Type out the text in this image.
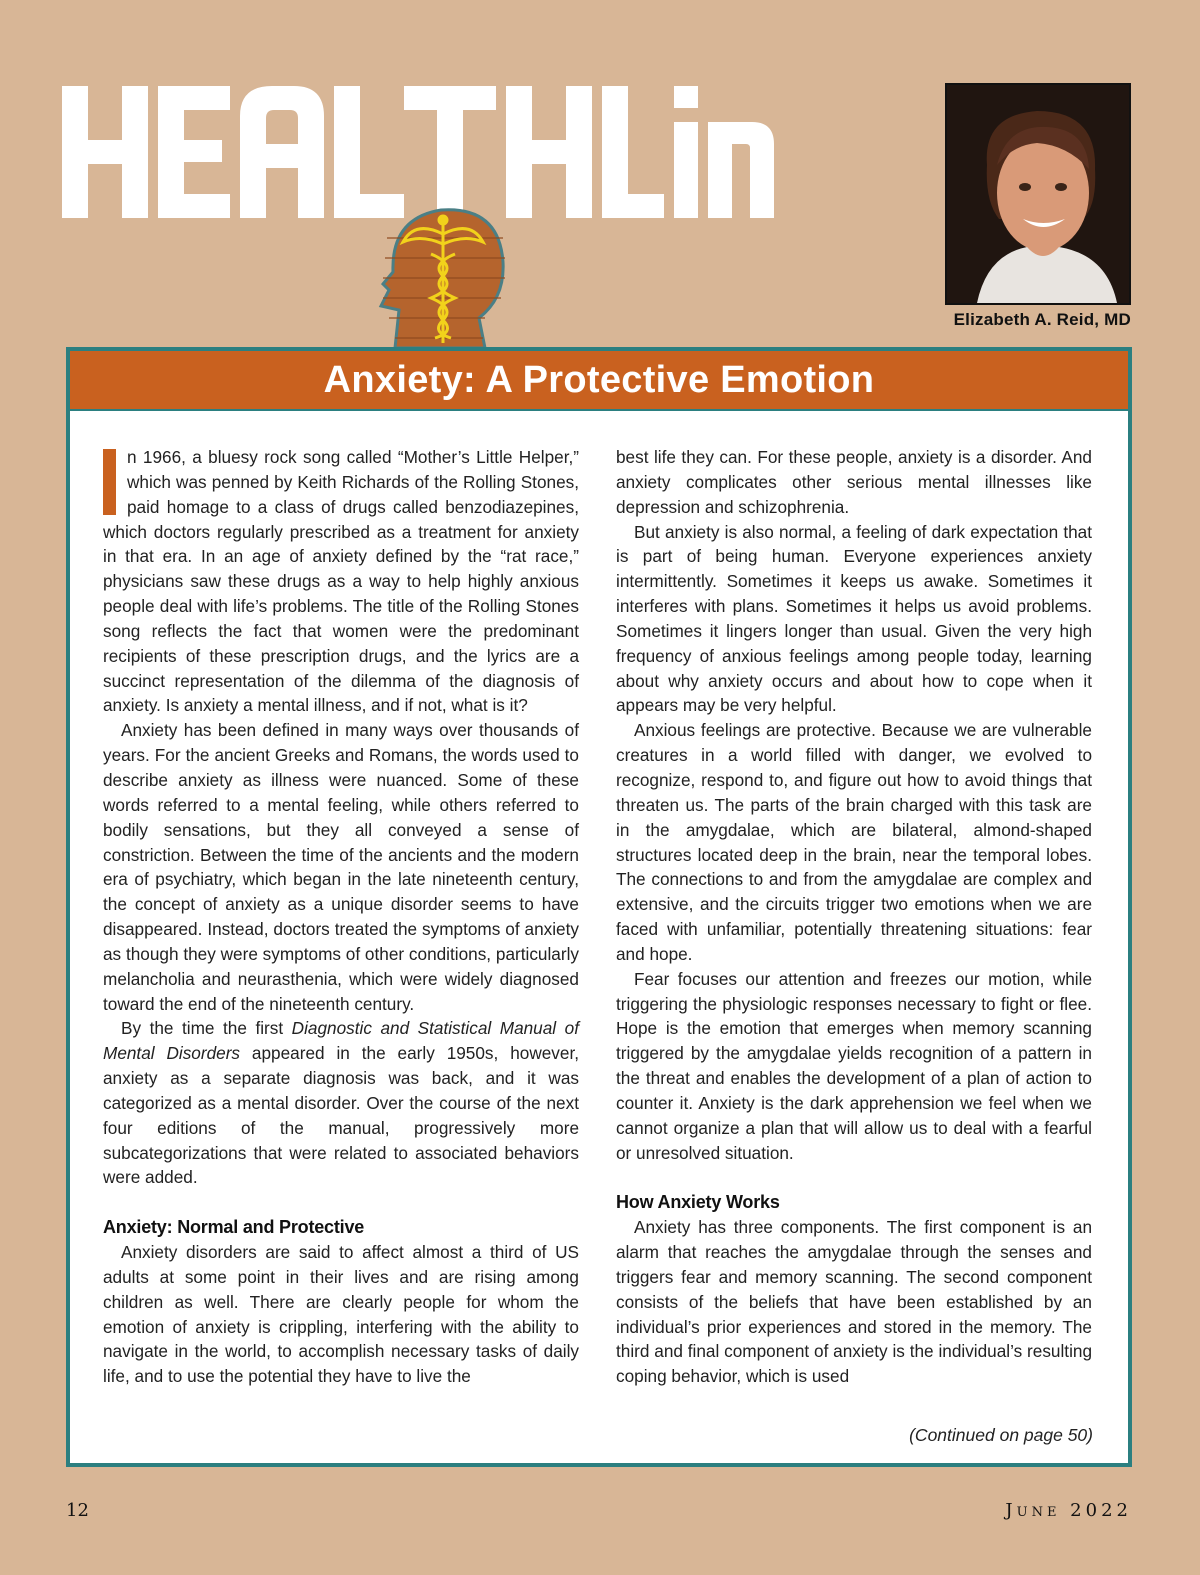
Elizabeth A. Reid, MD
Anxiety: A Protective Emotion

n 1966, a bluesy rock song called “Mother’s Little Helper,” which was penned by Keith Richards of the Rolling Stones, paid homage to a class of drugs called benzodiazepines, which doctors regularly prescribed as a treatment for anxiety in that era. In an age of anxiety defined by the “rat race,” physicians saw these drugs as a way to help highly anxious people deal with life’s problems. The title of the Rolling Stones song reflects the fact that women were the predominant recipients of these prescription drugs, and the lyrics are a succinct representation of the dilemma of the diagnosis of anxiety. Is anxiety a mental illness, and if not, what is it?

Anxiety has been defined in many ways over thousands of years. For the ancient Greeks and Romans, the words used to describe anxiety as illness were nuanced. Some of these words referred to a mental feeling, while others referred to bodily sensations, but they all conveyed a sense of constriction. Between the time of the ancients and the modern era of psychiatry, which began in the late nineteenth century, the concept of anxiety as a unique disorder seems to have disappeared. Instead, doctors treated the symptoms of anxiety as though they were symptoms of other conditions, particularly melancholia and neurasthenia, which were widely diagnosed toward the end of the nineteenth century.

By the time the first Diagnostic and Statistical Manual of Mental Disorders appeared in the early 1950s, however, anxiety as a separate diagnosis was back, and it was categorized as a mental disorder. Over the course of the next four editions of the manual, progressively more subcategorizations that were related to associated behaviors were added.

Anxiety: Normal and Protective

Anxiety disorders are said to affect almost a third of US adults at some point in their lives and are rising among children as well. There are clearly people for whom the emotion of anxiety is crippling, interfering with the ability to navigate in the world, to accomplish necessary tasks of daily life, and to use the potential they have to live the

best life they can. For these people, anxiety is a disorder. And anxiety complicates other serious mental illnesses like depression and schizophrenia.

But anxiety is also normal, a feeling of dark expectation that is part of being human. Everyone experiences anxiety intermittently. Sometimes it keeps us awake. Sometimes it interferes with plans. Sometimes it helps us avoid problems. Sometimes it lingers longer than usual. Given the very high frequency of anxious feelings among people today, learning about why anxiety occurs and about how to cope when it appears may be very helpful.

Anxious feelings are protective. Because we are vulnerable creatures in a world filled with danger, we evolved to recognize, respond to, and figure out how to avoid things that threaten us. The parts of the brain charged with this task are in the amygdalae, which are bilateral, almond-shaped structures located deep in the brain, near the temporal lobes. The connections to and from the amygdalae are complex and extensive, and the circuits trigger two emotions when we are faced with unfamiliar, potentially threatening situations: fear and hope.

Fear focuses our attention and freezes our motion, while triggering the physiologic responses necessary to fight or flee. Hope is the emotion that emerges when memory scanning triggered by the amygdalae yields recognition of a pattern in the threat and enables the development of a plan of action to counter it. Anxiety is the dark apprehension we feel when we cannot organize a plan that will allow us to deal with a fearful or unresolved situation.

How Anxiety Works

Anxiety has three components. The first component is an alarm that reaches the amygdalae through the senses and triggers fear and memory scanning. The second component consists of the beliefs that have been established by an individual’s prior experiences and stored in the memory. The third and final component of anxiety is the individual’s resulting coping behavior, which is used

(Continued on page 50)
12	June 2022
